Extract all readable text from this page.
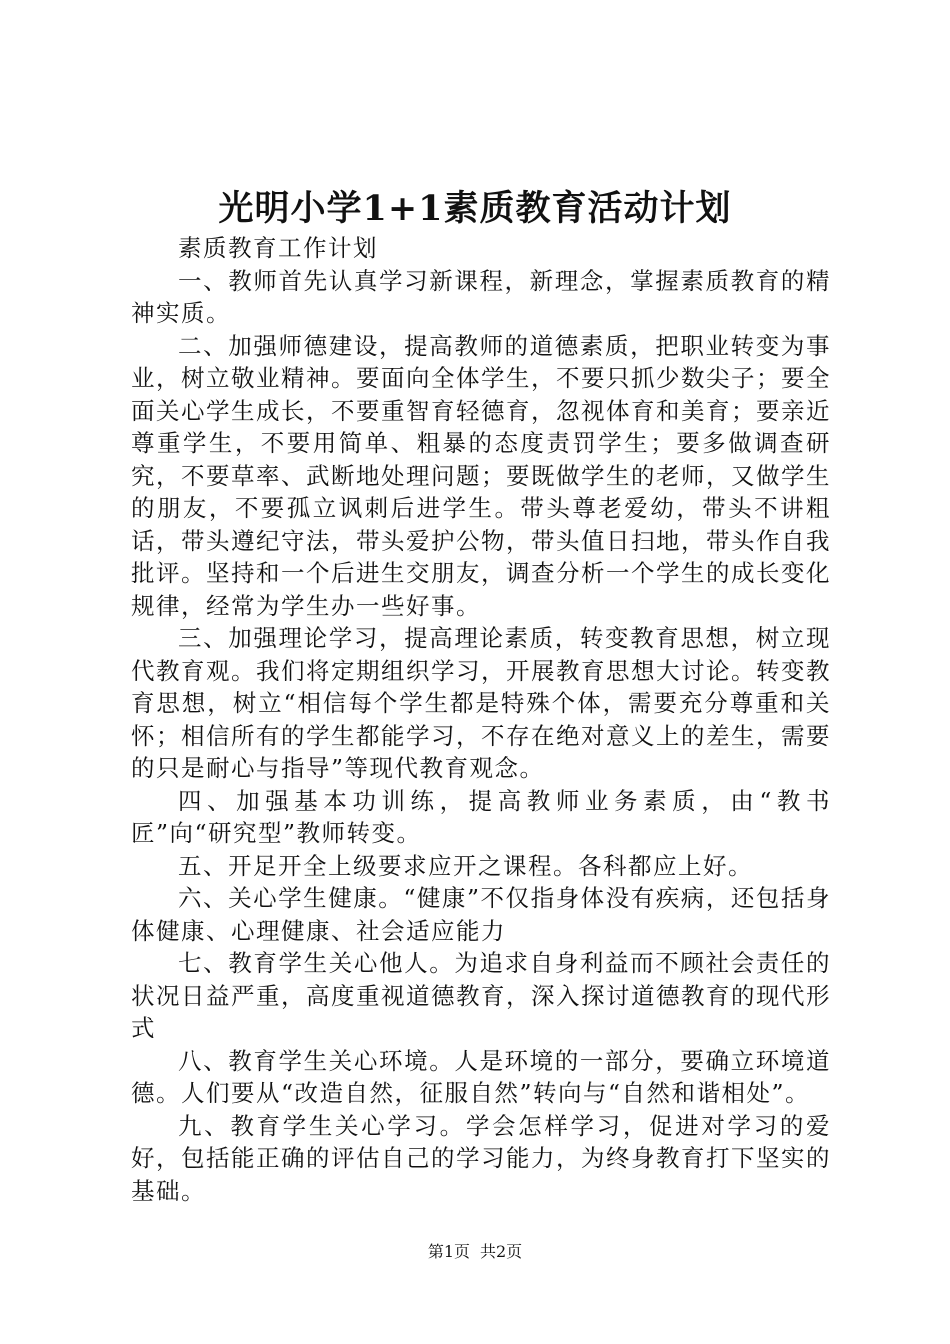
光明小学1+1素质教育活动计划

素质教育工作计划

一、教师首先认真学习新课程，新理念，掌握素质教育的精神实质。

二、加强师德建设，提高教师的道德素质，把职业转变为事业，树立敬业精神。要面向全体学生，不要只抓少数尖子；要全面关心学生成长，不要重智育轻德育，忽视体育和美育；要亲近尊重学生，不要用简单、粗暴的态度责罚学生；要多做调查研究，不要草率、武断地处理问题；要既做学生的老师，又做学生的朋友，不要孤立讽刺后进学生。带头尊老爱幼，带头不讲粗话，带头遵纪守法，带头爱护公物，带头值日扫地，带头作自我批评。坚持和一个后进生交朋友，调查分析一个学生的成长变化规律，经常为学生办一些好事。

三、加强理论学习，提高理论素质，转变教育思想，树立现代教育观。我们将定期组织学习，开展教育思想大讨论。转变教育思想，树立“相信每个学生都是特殊个体，需要充分尊重和关怀；相信所有的学生都能学习，不存在绝对意义上的差生，需要的只是耐心与指导”等现代教育观念。

四、加强基本功训练，提高教师业务素质，由“教书匠”向“研究型”教师转变。

五、开足开全上级要求应开之课程。各科都应上好。

六、关心学生健康。“健康”不仅指身体没有疾病，还包括身体健康、心理健康、社会适应能力

七、教育学生关心他人。为追求自身利益而不顾社会责任的状况日益严重，高度重视道德教育，深入探讨道德教育的现代形式

八、教育学生关心环境。人是环境的一部分，要确立环境道德。人们要从“改造自然，征服自然”转向与“自然和谐相处”。

九、教育学生关心学习。学会怎样学习，促进对学习的爱好，包括能正确的评估自己的学习能力，为终身教育打下坚实的基础。

第1页 共2页
